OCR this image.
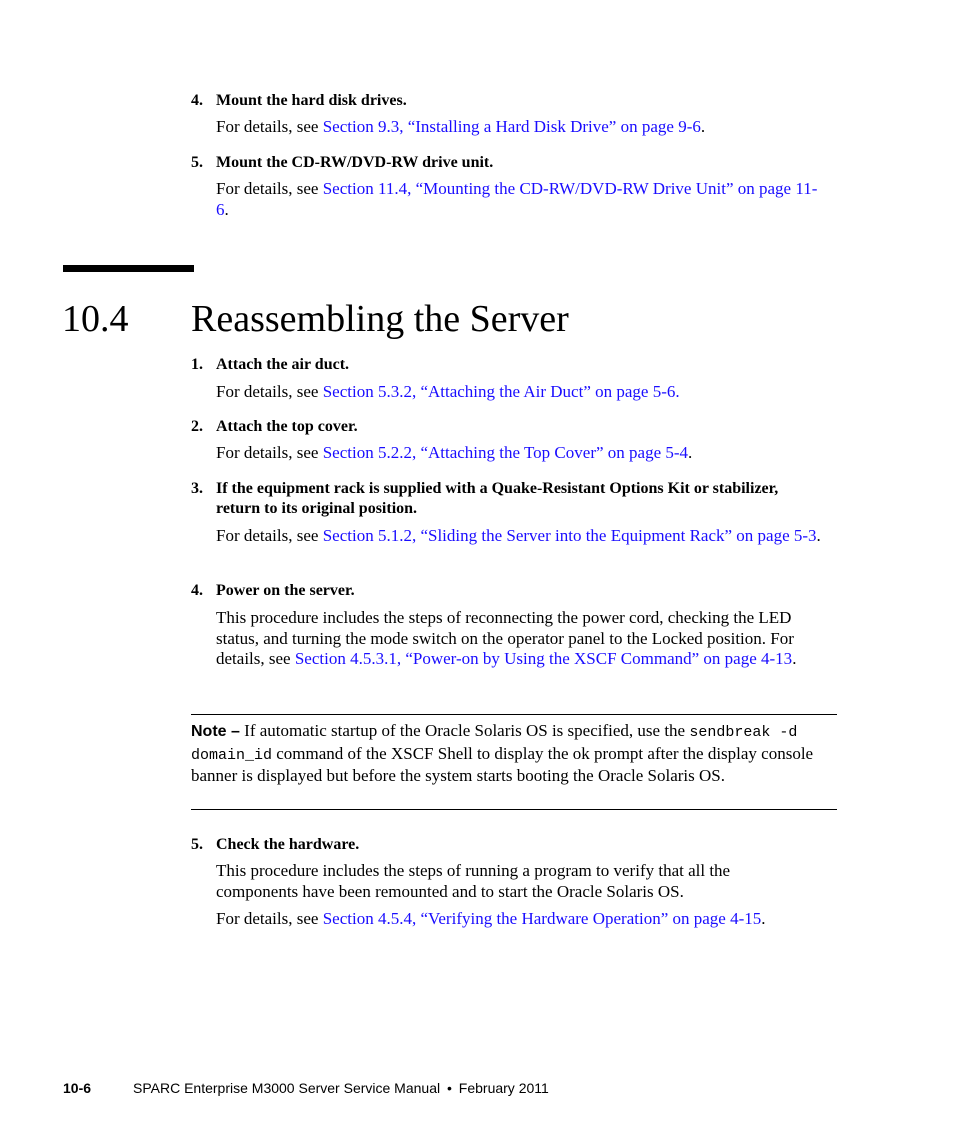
4. Mount the hard disk drives.
For details, see Section 9.3, “Installing a Hard Disk Drive” on page 9-6.
5. Mount the CD-RW/DVD-RW drive unit.
For details, see Section 11.4, “Mounting the CD-RW/DVD-RW Drive Unit” on page 11-6.
10.4 Reassembling the Server
1. Attach the air duct.
For details, see Section 5.3.2, “Attaching the Air Duct” on page 5-6.
2. Attach the top cover.
For details, see Section 5.2.2, “Attaching the Top Cover” on page 5-4.
3. If the equipment rack is supplied with a Quake-Resistant Options Kit or stabilizer, return to its original position.
For details, see Section 5.1.2, “Sliding the Server into the Equipment Rack” on page 5-3.
4. Power on the server.
This procedure includes the steps of reconnecting the power cord, checking the LED status, and turning the mode switch on the operator panel to the Locked position. For details, see Section 4.5.3.1, “Power-on by Using the XSCF Command” on page 4-13.
Note – If automatic startup of the Oracle Solaris OS is specified, use the sendbreak -d domain_id command of the XSCF Shell to display the ok prompt after the display console banner is displayed but before the system starts booting the Oracle Solaris OS.
5. Check the hardware.
This procedure includes the steps of running a program to verify that all the components have been remounted and to start the Oracle Solaris OS.
For details, see Section 4.5.4, “Verifying the Hardware Operation” on page 4-15.
10-6	SPARC Enterprise M3000 Server Service Manual • February 2011
